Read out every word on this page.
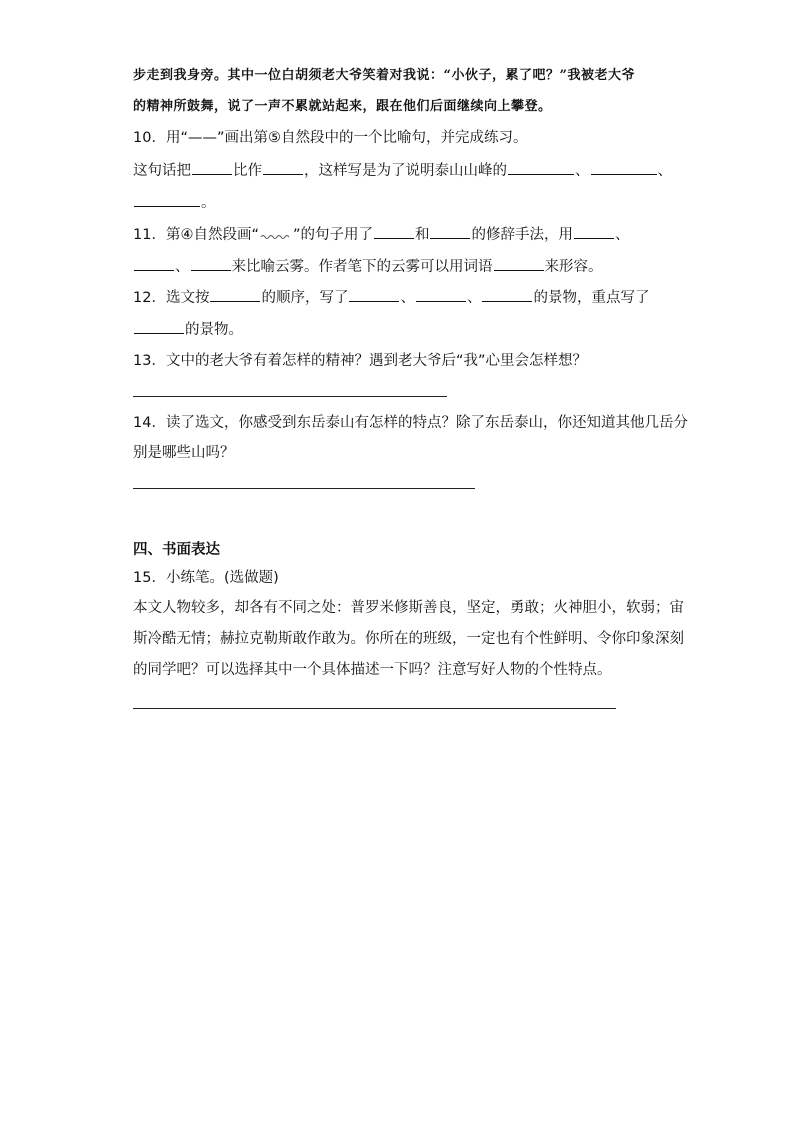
步走到我身旁。其中一位白胡须老大爷笑着对我说：“小伙子，累了吧？”我被老大爷
的精神所鼓舞，说了一声不累就站起来，跟在他们后面继续向上攀登。
10．用“——”画出第⑤自然段中的一个比喻句，并完成练习。
这句话把	比作	，这样写是为了说明泰山山峰的	、	、
。
11．第④自然段画“ ”的句子用了	和	的修辞手法，用	、
、	来比喻云雾。作者笔下的云雾可以用词语	来形容。
12．选文按	的顺序，写了	、	、	的景物，重点写了
的景物。
13．文中的老大爷有着怎样的精神？遇到老大爷后“我”心里会怎样想？
14．读了选文，你感受到东岳泰山有怎样的特点？除了东岳泰山，你还知道其他几岳分
别是哪些山吗？
四、书面表达
15．小练笔。(选做题)
本文人物较多，却各有不同之处：普罗米修斯善良，坚定，勇敢；火神胆小，软弱；宙
斯冷酷无情；赫拉克勒斯敢作敢为。你所在的班级，一定也有个性鲜明、令你印象深刻
的同学吧？可以选择其中一个具体描述一下吗？注意写好人物的个性特点。
